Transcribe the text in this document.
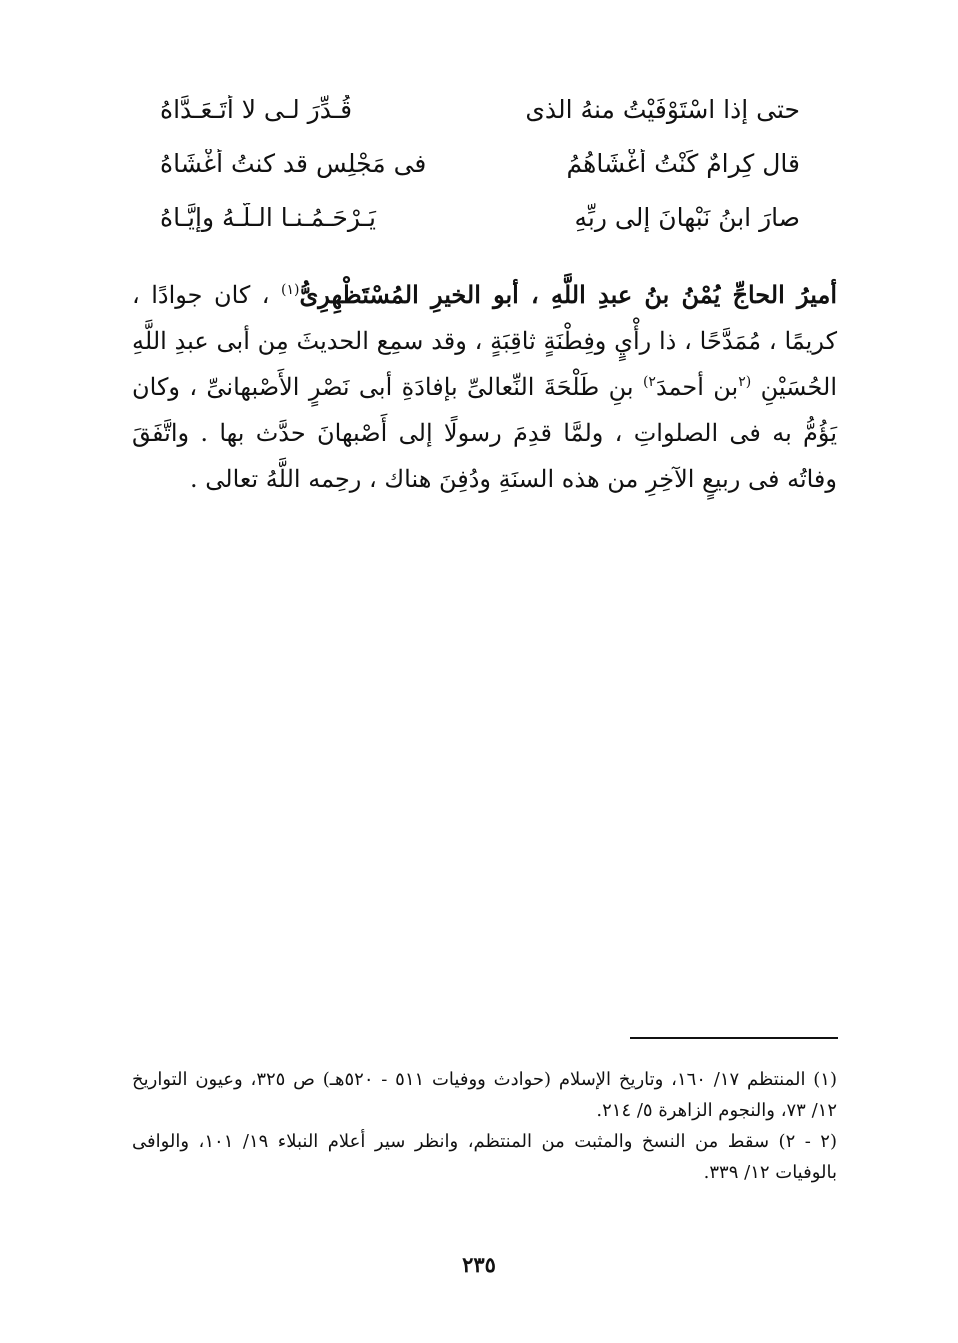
حتى إذا اسْتَوْفَيْتُ منهُ الذى
قُـدِّرَ لـى لا أَتَـعَـدَّاهُ
قال كِرامٌ كَنْتُ أَغْشَاهُمُ
فى مَجْلِسٍ قد كنتُ أَغْشَاهُ
صارَ ابنُ نَبْهانَ إلى ربِّهِ
يَـرْحَـمُـنـا الـلَّـهُ وإيَّـاهُ

أميرُ الحاجِّ يُمْنُ بنُ عبدِ اللَّهِ ، أبو الخيرِ المُسْتَظْهِرِىُّ$^{(١)}$ ، كان جوادًا ، كريمًا ، مُمَدَّحًا ، ذا رأْيٍ وفِطْنَةٍ ثاقِبَةٍ ، وقد سمِع الحديثَ مِن أبى عبدِ اللَّهِ الحُسَيْنِ $^{(٢}$بن أحمدَ$^{٢)}$ بنِ طَلْحَةَ النِّعالىِّ بإفادَةِ أبى نَصْرٍ الأَصْبهانىِّ ، وكان يَؤُمُّ به فى الصلواتِ ، ولمَّا قدِمَ رسولًا إلى أَصْبهانَ حدَّث بها . واتَّفَقَ وفاتُه فى ربيعٍ الآخِرِ من هذه السنَةِ ودُفِنَ هناك ، رحِمه اللَّهُ تعالى .

(١) المنتظم ١٧/ ١٦٠، وتاريخ الإسلام (حوادث ووفيات ٥١١ - ٥٢٠هـ) ص ٣٢٥، وعيون التواريخ ١٢/ ٧٣، والنجوم الزاهرة ٥/ ٢١٤.

(٢ - ٢) سقط من النسخ والمثبت من المنتظم، وانظر سير أعلام النبلاء ١٩/ ١٠١، والوافى بالوفيات ١٢/ ٣٣٩.

٢٣٥
